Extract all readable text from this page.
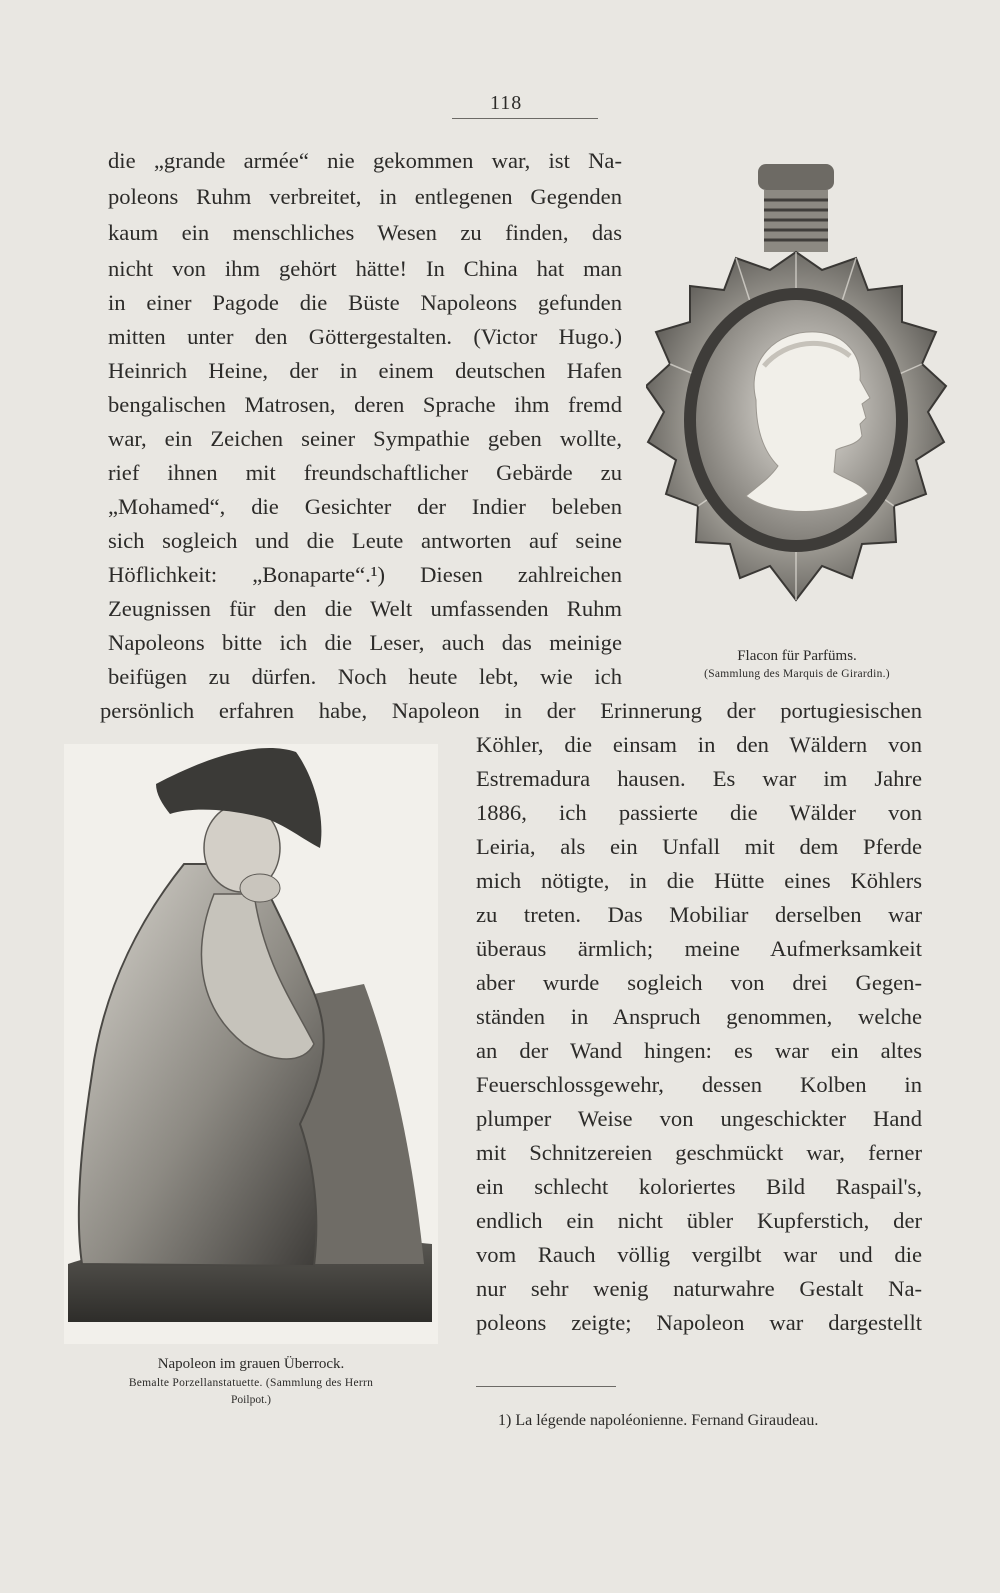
118
die „grande armée“ nie gekommen war, ist Na-
poleons Ruhm verbreitet, in entlegenen Gegenden
kaum ein menschliches Wesen zu finden, das
nicht von ihm gehört hätte! In China hat man
in einer Pagode die Büste Napoleons gefunden
mitten unter den Göttergestalten. (Victor Hugo.)
Heinrich Heine, der in einem deutschen Hafen
bengalischen Matrosen, deren Sprache ihm fremd
war, ein Zeichen seiner Sympathie geben wollte,
rief ihnen mit freundschaftlicher Gebärde zu
„Mohamed“, die Gesichter der Indier beleben
sich sogleich und die Leute antworten auf seine
Höflichkeit: „Bonaparte“.¹) Diesen zahlreichen
Zeugnissen für den die Welt umfassenden Ruhm
Napoleons bitte ich die Leser, auch das meinige
beifügen zu dürfen. Noch heute lebt, wie ich
persönlich erfahren habe, Napoleon in der Erinnerung der portugiesischen
Köhler, die einsam in den Wäldern von
Estremadura hausen. Es war im Jahre
1886, ich passierte die Wälder von
Leiria, als ein Unfall mit dem Pferde
mich nötigte, in die Hütte eines Köhlers
zu treten. Das Mobiliar derselben war
überaus ärmlich; meine Aufmerksamkeit
aber wurde sogleich von drei Gegen-
ständen in Anspruch genommen, welche
an der Wand hingen: es war ein altes
Feuerschlossgewehr, dessen Kolben in
plumper Weise von ungeschickter Hand
mit Schnitzereien geschmückt war, ferner
ein schlecht koloriertes Bild Raspail's,
endlich ein nicht übler Kupferstich, der
vom Rauch völlig vergilbt war und die
nur sehr wenig naturwahre Gestalt Na-
poleons zeigte; Napoleon war dargestellt
Flacon für Parfüms.
(Sammlung des Marquis de Girardin.)
Napoleon im grauen Überrock.
Bemalte Porzellanstatuette. (Sammlung des Herrn
Poilpot.)
1) La légende napoléonienne. Fernand Giraudeau.
